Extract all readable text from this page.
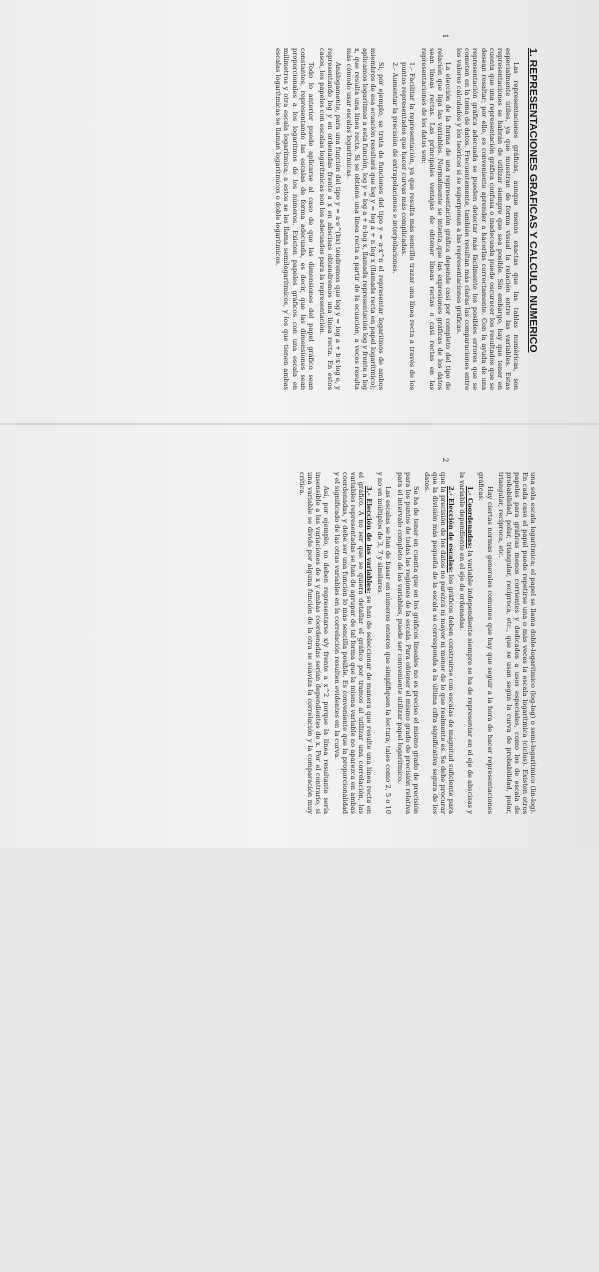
1. REPRESENTACIONES GRAFICAS Y CALCULO NUMERICO

Las representaciones gráficas, aunque menos exactas que las tablas numéricas, son especialmente útiles, ya que muestran de forma visual la relación entre las variables. Estas representaciones se habrán de utilizar siempre que sea posible. Sin embargo, hay que tener en cuenta que una representación gráfica confusa o inadecuada puede oscurecer los resultados que se desean resaltar; por ello, es conveniente aprender a hacerlas correctamente. Con la ayuda de una representación gráfica adecuada se pueden detectar más fácilmente los posibles errores que se cometen en la toma de datos. Frecuentemente, también resultan más claras las comparaciones entre los valores calculados y los teóricos si se superponen a las representaciones gráficas.

La elección de la forma de una representación gráfica depende casi por completo del tipo de relación que liga las variables. Normalmente se intenta que las expresiones gráficas de los datos sean líneas rectas. Las principales ventajas de obtener líneas rectas o casi rectas en las representaciones de los datos son:

1.- Facilitar la representación, ya que resulta más sencillo trazar una línea recta a través de los puntos representados que hacer curvas más complicadas.
2.- Aumentar la precisión de extrapolaciones e interpolaciones.

Si, por ejemplo, se trata de funciones del tipo y = a·x^n el representar logaritmos de ambos miembros de esa ecuación resultará que log y = log a + n log x (llamada recta en papel logarítmico); aplicamos logaritmos a esta función, log y = log a + n·log x, llamada representación log y frente a log x, que resulta una línea recta. Si se obtiene una línea recta a partir de la ecuación, a veces resulta más cómodo usar escalas logarítmicas.

Análogamente, para una función del tipo y = a·e^(bx) tendremos que log y = log a + b·x·log e, y representando log y en ordenadas frente a x en abscisas obtendremos una línea recta. En estos casos, los papeles con escalas logarítmicas son los adecuados para la representación.

Todo lo anterior puede aplicarse al caso de que las dimensiones del papel gráfico sean constantes, representando las escalas de forma adecuada, es decir, que las dimensiones sean proporcionales a los logaritmos de los números. Existen papeles gráficos con una escala en milímetros y otra escala logarítmica; a estos se les llama semilogarítmicos, y los que tienen ambas escalas logarítmicas se llaman logarítmicos o doble logarítmicos.

1

una sola escala logarítmica; el papel se llama doble-logarítmico (log-log) o semi-logarítmico (lin-log). En cada caso el papel puede repetirse una o más veces la escala logarítmica (ciclos). Existen otros papeles para gráficas menos corrientes y dedicados a usos especiales, como los de escala de probabilidad, polar, triangular, recíproca, etc., que se usan según la curva de probabilidad, polar, triangular, recíproca, etc.

Hay ciertas normas generales comunes que hay que seguir a la hora de hacer representaciones gráficas:

1.- Coordenadas: la variable independiente siempre se ha de representar en el eje de abscisas y la variable dependiente en el eje de ordenadas.

2.- Elección de escalas: los gráficos deben construirse con escalas de magnitud suficiente para que la precisión de los datos no parezca ni mayor ni menor de lo que realmente es. Se debe procurar que la división más pequeña de la escala se corresponda a la última cifra significativa segura de los datos.

Se ha de tener en cuenta que en los gráficos lineales no es preciso el mismo grado de precisión para los puntos de todas las regiones de la escala. Para obtener el mismo grado de precisión relativa para el intervalo completo de las variables, puede ser conveniente utilizar papel logarítmico.

Las escalas se han de basar en números enteros que simplifiquen la lectura, tales como 2, 5 o 10 y no en múltiplos de 3, 7 y similares.

3.- Elección de las variables: se han de seleccionar de manera que resulte una línea recta en el gráfico. A no ser que se quiera detallar el gráfico por tramos al utilizar una correlación, las variables representadas se han de agrupar de tal forma que la misma variable no aparezca en ambas coordenadas, y debe ser una función lo más sencilla posible. Es conveniente que la proporcionalidad y el significado de las otras variables en la correlación resulten evidentes en la curva.

Así, por ejemplo, no deben representarse x/y frente a x^2 porque la línea resultante sería insensible a las variaciones de x y ambas coordenadas serían dependientes de x. Por el contrario, si una variable se divide por alguna función de la otra se suaviza la correlación y la comparación muy crítica.

2
